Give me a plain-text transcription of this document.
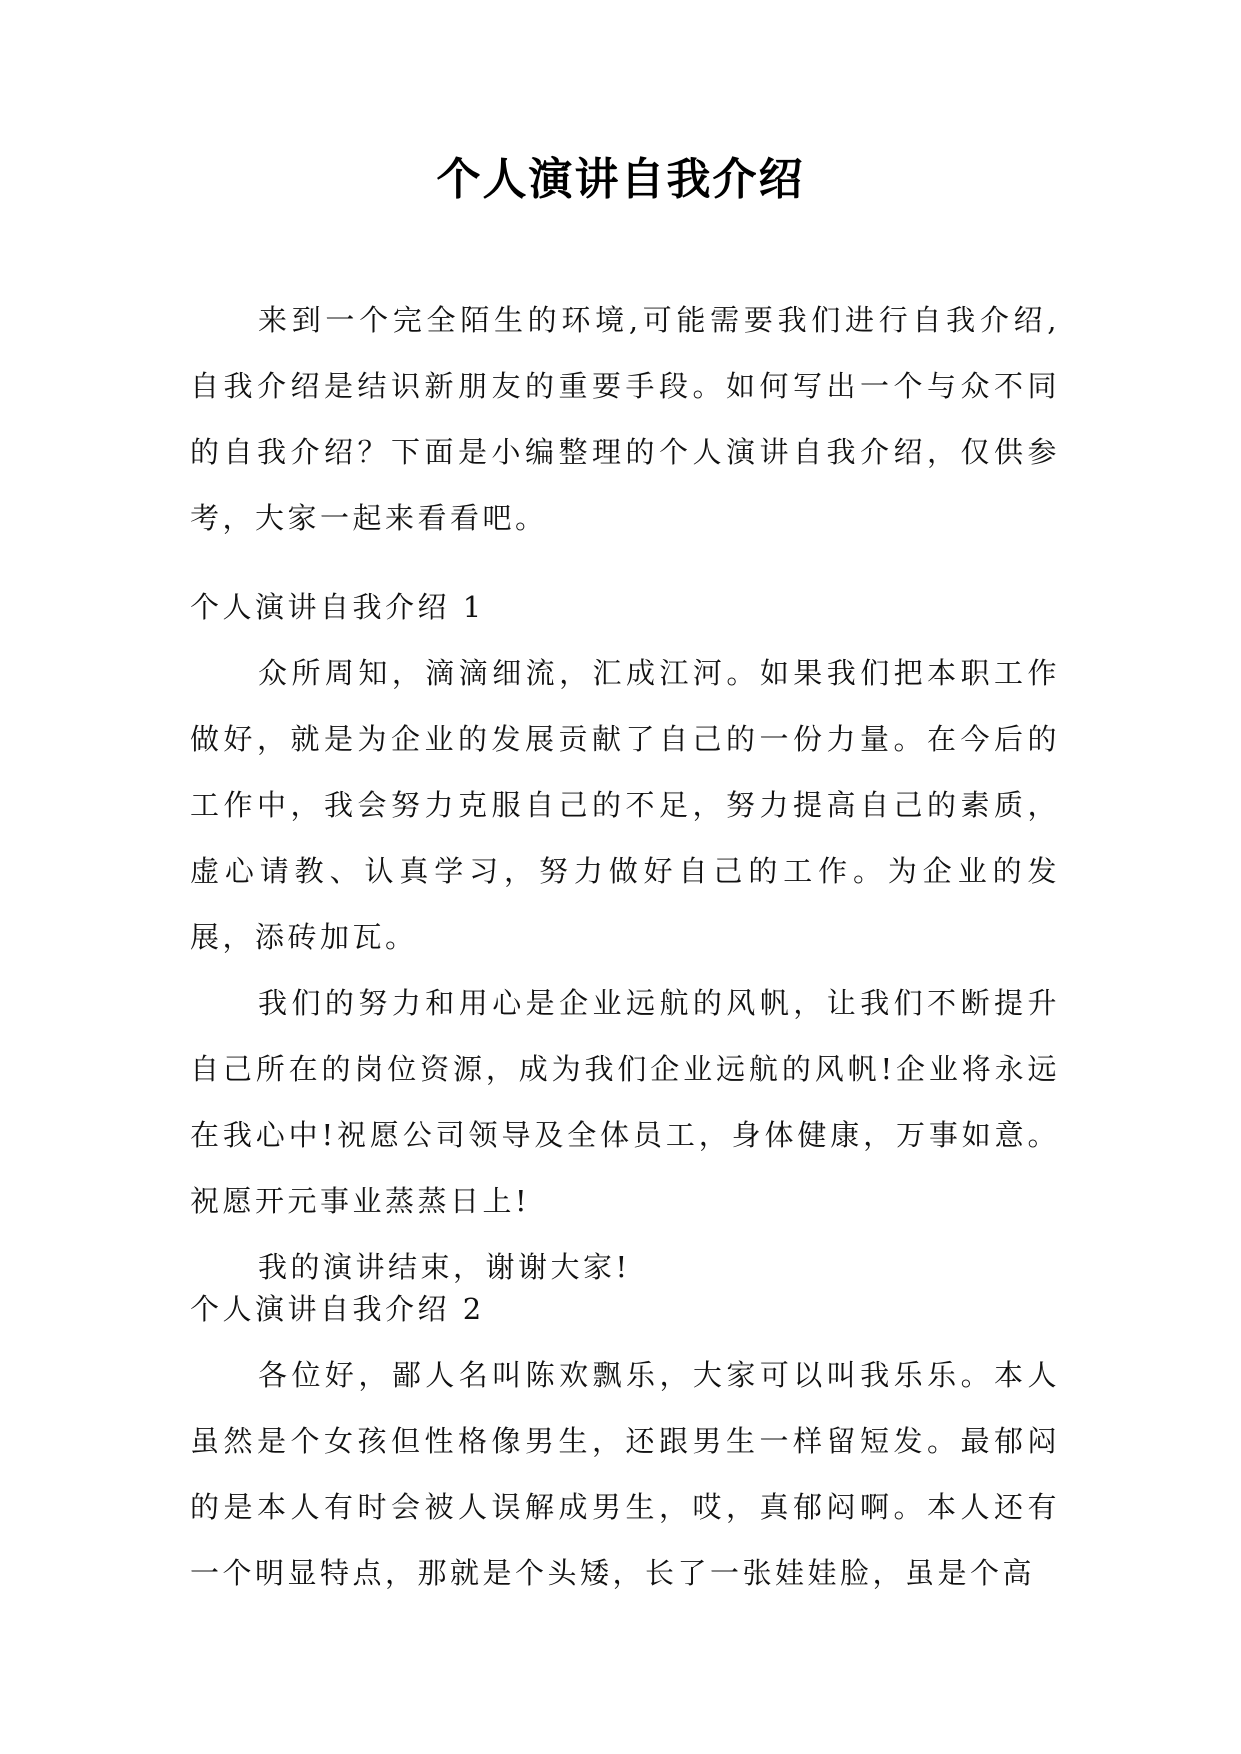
个人演讲自我介绍

来到一个完全陌生的环境,可能需要我们进行自我介绍,自我介绍是结识新朋友的重要手段。如何写出一个与众不同的自我介绍？下面是小编整理的个人演讲自我介绍，仅供参考，大家一起来看看吧。

个人演讲自我介绍 1

众所周知，滴滴细流，汇成江河。如果我们把本职工作做好，就是为企业的发展贡献了自己的一份力量。在今后的工作中，我会努力克服自己的不足，努力提高自己的素质，虚心请教、认真学习，努力做好自己的工作。为企业的发展，添砖加瓦。

我们的努力和用心是企业远航的风帆，让我们不断提升自己所在的岗位资源，成为我们企业远航的风帆!企业将永远在我心中!祝愿公司领导及全体员工，身体健康，万事如意。祝愿开元事业蒸蒸日上!

我的演讲结束，谢谢大家!

个人演讲自我介绍 2

各位好，鄙人名叫陈欢飘乐，大家可以叫我乐乐。本人虽然是个女孩但性格像男生，还跟男生一样留短发。最郁闷的是本人有时会被人误解成男生，哎，真郁闷啊。本人还有一个明显特点，那就是个头矮，长了一张娃娃脸，虽是个高
